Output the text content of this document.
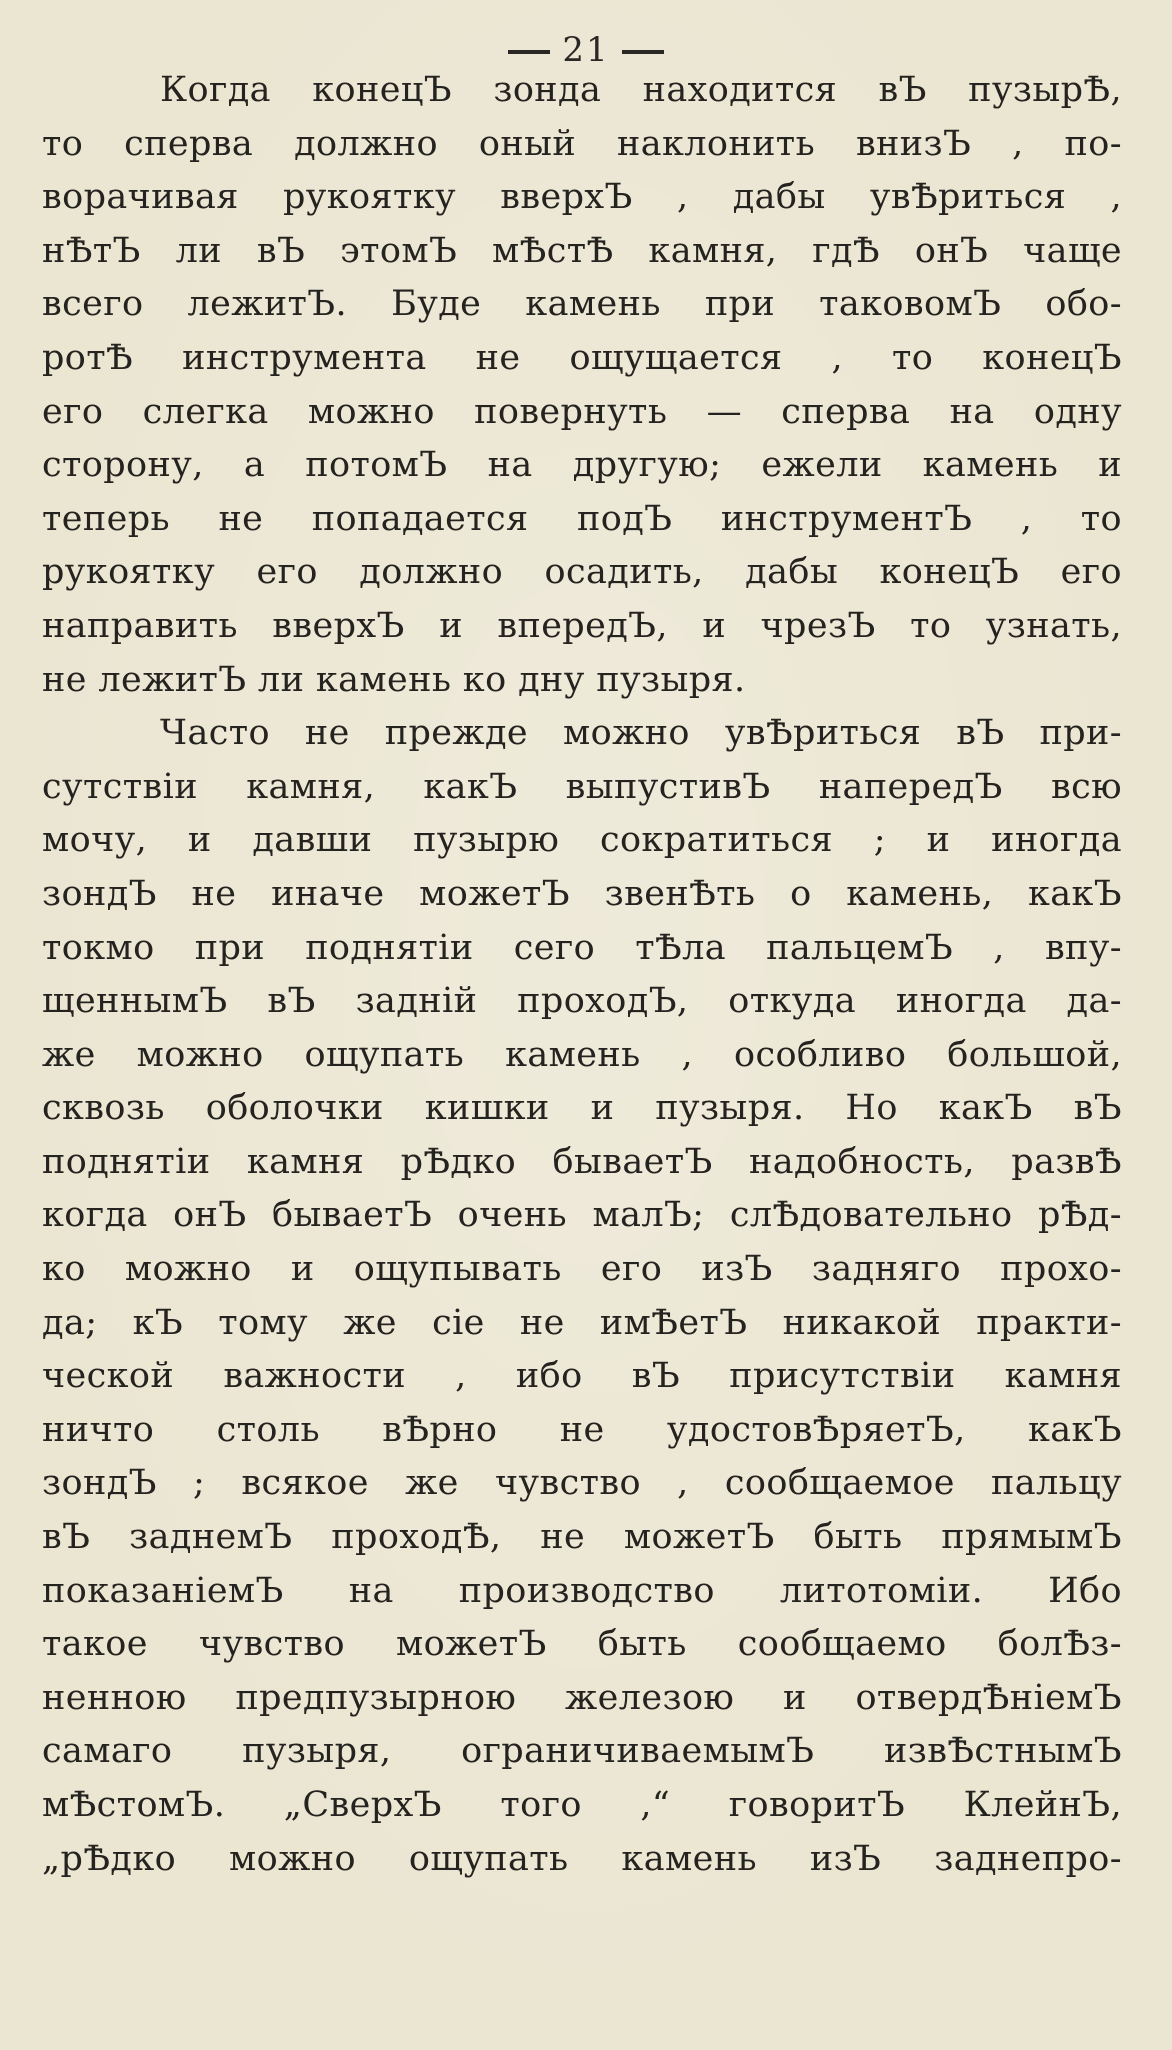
21
Когда конецЪ зонда находится вЪ пузырѢ,
то сперва должно оный наклонить внизЪ , по-
ворачивая рукоятку вверхЪ , дабы увѢриться ,
нѢтЪ ли вЪ этомЪ мѢстѢ камня, гдѢ онЪ чаще
всего лежитЪ. Буде камень при таковомЪ обо-
ротѢ инструмента не ощущается , то конецЪ
его слегка можно повернуть — сперва на одну
сторону, а потомЪ на другую; ежели камень и
теперь не попадается подЪ инструментЪ , то
рукоятку его должно осадить, дабы конецЪ его
направить вверхЪ и впередЪ, и чрезЪ то узнать,
не лежитЪ ли камень ко дну пузыря.
Часто не прежде можно увѢриться вЪ при-
сутствіи камня, какЪ выпустивЪ напередЪ всю
мочу, и давши пузырю сократиться ; и иногда
зондЪ не иначе можетЪ звенѢть о камень, какЪ
токмо при поднятіи сего тѢла пальцемЪ , впу-
щеннымЪ вЪ задній проходЪ, откуда иногда да-
же можно ощупать камень , особливо большой,
сквозь оболочки кишки и пузыря. Но какЪ вЪ
поднятіи камня рѢдко бываетЪ надобность, развѢ
когда онЪ бываетЪ очень малЪ; слѢдовательно рѢд-
ко можно и ощупывать его изЪ задняго прохо-
да; кЪ тому же сіе не имѢетЪ никакой практи-
ческой важности , ибо вЪ присутствіи камня
ничто столь вѢрно не удостовѢряетЪ, какЪ
зондЪ ; всякое же чувство , сообщаемое пальцу
вЪ заднемЪ проходѢ, не можетЪ быть прямымЪ
показаніемЪ на производство литотоміи. Ибо
такое чувство можетЪ быть сообщаемо болѢз-
ненною предпузырною железою и отвердѢніемЪ
самаго пузыря, ограничиваемымЪ извѢстнымЪ
мѢстомЪ. „СверхЪ того ,“ говоритЪ КлейнЪ,
„рѢдко можно ощупать камень изЪ заднепро-
